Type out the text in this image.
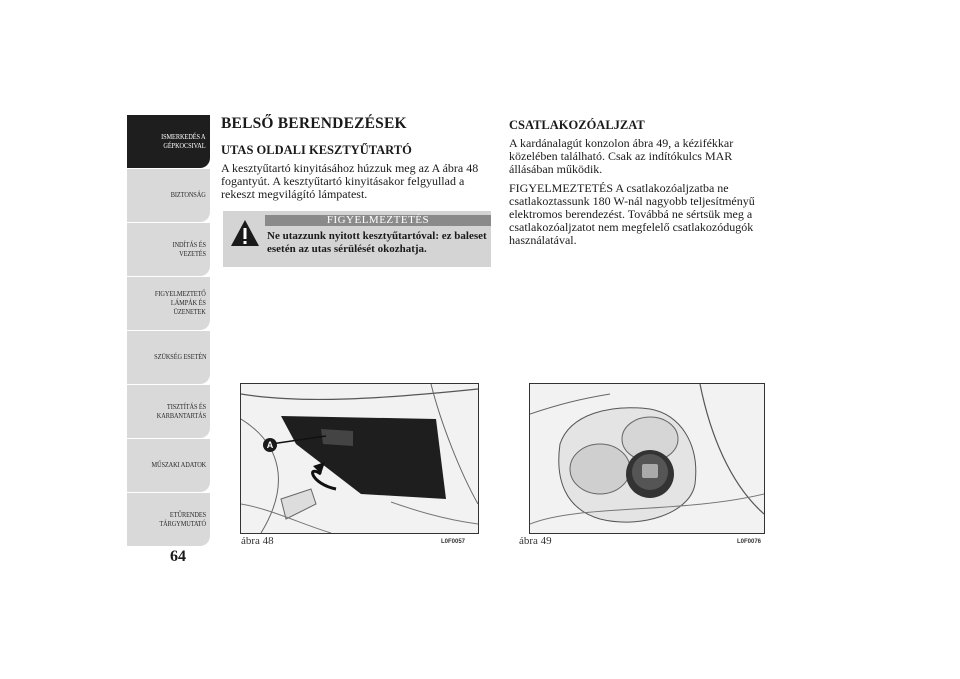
ISMERKEDÉS A
GÉPKOCSIVAL
BIZTONSÁG
INDÍTÁS ÉS
VEZETÉS
FIGYELMEZTETŐ
LÁMPÁK ÉS
ÜZENETEK
SZÜKSÉG ESETÉN
TISZTÍTÁS ÉS
KARBANTARTÁS
MŰSZAKI ADATOK
ETŰRENDES
TÁRGYMUTATÓ
64
BELSŐ BERENDEZÉSEK
UTAS OLDALI KESZTYŰTARTÓ

A kesztyűtartó kinyitásához húzzuk meg az A ábra 48 fogantyút. A kesztyűtartó kinyitásakor felgyullad a rekeszt megvilágító lámpatest.

FIGYELMEZTETÉS
Ne utazzunk nyitott kesztyűtartóval: ez baleset esetén az utas sérülését okozhatja.
CSATLAKOZÓALJZAT

A kardánalagút konzolon ábra 49, a kézifékkar közelében található. Csak az indítókulcs MAR állásában működik.

FIGYELMEZTETÉS A csatlakozóaljzatba ne csatlakoztassunk 180 W-nál nagyobb teljesítményű elektromos berendezést. Továbbá ne sértsük meg a csatlakozóaljzatot nem megfelelő csatlakozódugók használatával.

A
ábra 48	L0F0057	ábra 49	L0F0076
